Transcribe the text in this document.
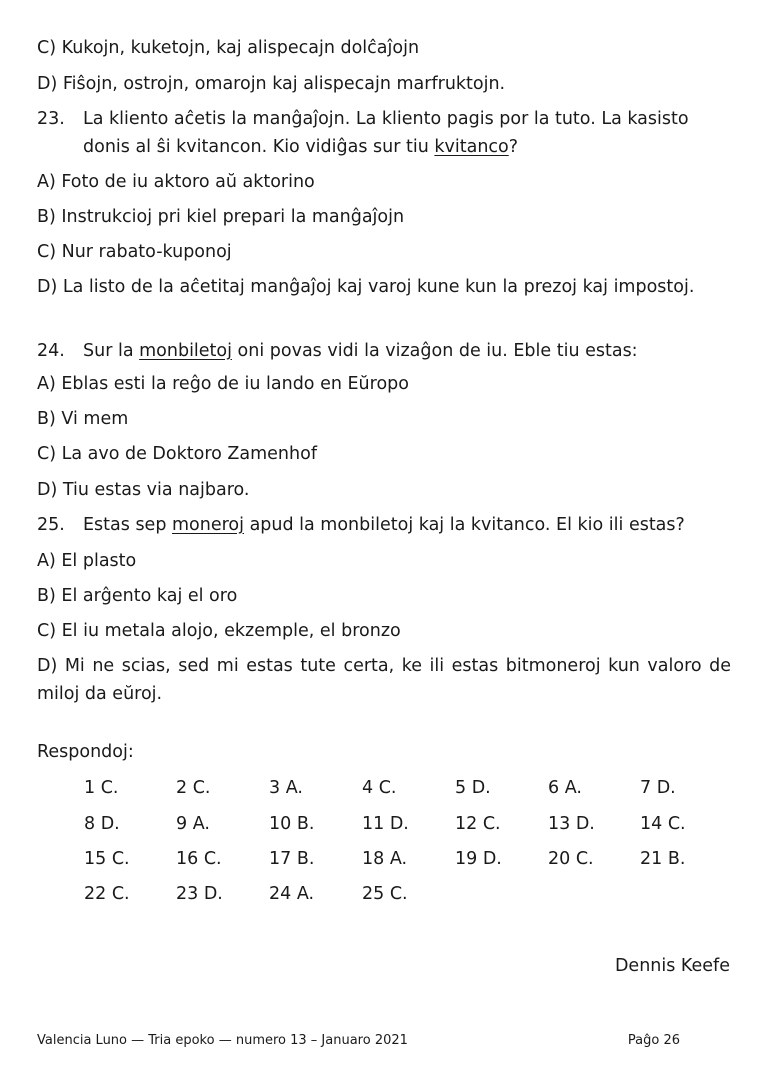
C) Kukojn, kuketojn, kaj alispecajn dolĉaĵojn
D) Fiŝojn, ostrojn, omarojn kaj alispecajn marfruktojn.
23. La kliento aĉetis la manĝaĵojn. La kliento pagis por la tuto. La kasisto donis al ŝi kvitancon. Kio vidiĝas sur tiu kvitanco?
A) Foto de iu aktoro aŭ aktorino
B) Instrukcioj pri kiel prepari la manĝaĵojn
C) Nur rabato-kuponoj
D) La listo de la aĉetitaj manĝaĵoj kaj varoj kune kun la prezoj kaj impostoj.
24. Sur la monbiletoj oni povas vidi la vizaĝon de iu. Eble tiu estas:
A) Eblas esti la reĝo de iu lando en Eŭropo
B) Vi mem
C) La avo de Doktoro Zamenhof
D) Tiu estas via najbaro.
25. Estas sep moneroj apud la monbiletoj kaj la kvitanco. El kio ili estas?
A) El plasto
B) El arĝento kaj el oro
C) El iu metala alojo, ekzemple, el bronzo
D) Mi ne scias, sed mi estas tute certa, ke ili estas bitmoneroj kun valoro de miloj da eŭroj.
Respondoj:
1 C.	2 C.	3 A.	4 C.	5 D.	6 A.	7 D.
8 D.	9 A.	10 B.	11 D.	12 C.	13 D.	14 C.
15 C.	16 C.	17 B.	18 A.	19 D.	20 C.	21 B.
22 C.	23 D.	24 A.	25 C.
Dennis Keefe
Valencia Luno — Tria epoko — numero 13 – Januaro 2021	Paĝo 26
